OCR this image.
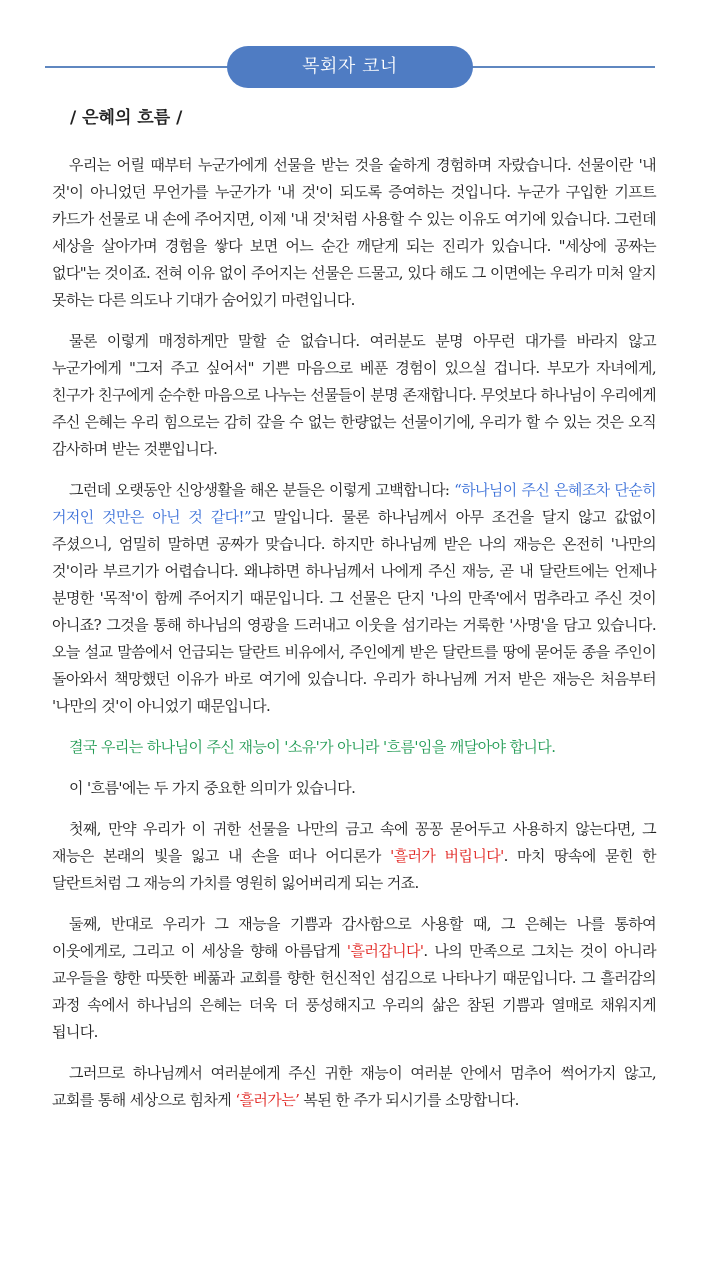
목회자 코너
/ 은혜의 흐름 /

우리는 어릴 때부터 누군가에게 선물을 받는 것을 숱하게 경험하며 자랐습니다. 선물이란 '내 것'이 아니었던 무언가를 누군가가 '내 것'이 되도록 증여하는 것입니다. 누군가 구입한 기프트 카드가 선물로 내 손에 주어지면, 이제 '내 것'처럼 사용할 수 있는 이유도 여기에 있습니다. 그런데 세상을 살아가며 경험을 쌓다 보면 어느 순간 깨닫게 되는 진리가 있습니다. "세상에 공짜는 없다"는 것이죠. 전혀 이유 없이 주어지는 선물은 드물고, 있다 해도 그 이면에는 우리가 미처 알지 못하는 다른 의도나 기대가 숨어있기 마련입니다.

물론 이렇게 매정하게만 말할 순 없습니다. 여러분도 분명 아무런 대가를 바라지 않고 누군가에게 "그저 주고 싶어서" 기쁜 마음으로 베푼 경험이 있으실 겁니다. 부모가 자녀에게, 친구가 친구에게 순수한 마음으로 나누는 선물들이 분명 존재합니다. 무엇보다 하나님이 우리에게 주신 은혜는 우리 힘으로는 감히 갚을 수 없는 한량없는 선물이기에, 우리가 할 수 있는 것은 오직 감사하며 받는 것뿐입니다.

그런데 오랫동안 신앙생활을 해온 분들은 이렇게 고백합니다: “하나님이 주신 은혜조차 단순히 거저인 것만은 아닌 것 같다!”고 말입니다. 물론 하나님께서 아무 조건을 달지 않고 값없이 주셨으니, 엄밀히 말하면 공짜가 맞습니다. 하지만 하나님께 받은 나의 재능은 온전히 '나만의 것'이라 부르기가 어렵습니다. 왜냐하면 하나님께서 나에게 주신 재능, 곧 내 달란트에는 언제나 분명한 '목적'이 함께 주어지기 때문입니다. 그 선물은 단지 '나의 만족'에서 멈추라고 주신 것이 아니죠? 그것을 통해 하나님의 영광을 드러내고 이웃을 섬기라는 거룩한 '사명'을 담고 있습니다. 오늘 설교 말씀에서 언급되는 달란트 비유에서, 주인에게 받은 달란트를 땅에 묻어둔 종을 주인이 돌아와서 책망했던 이유가 바로 여기에 있습니다. 우리가 하나님께 거저 받은 재능은 처음부터 '나만의 것'이 아니었기 때문입니다.

결국 우리는 하나님이 주신 재능이 '소유'가 아니라 '흐름'임을 깨달아야 합니다.

이 '흐름'에는 두 가지 중요한 의미가 있습니다.

첫째, 만약 우리가 이 귀한 선물을 나만의 금고 속에 꽁꽁 묻어두고 사용하지 않는다면, 그 재능은 본래의 빛을 잃고 내 손을 떠나 어디론가 '흘러가 버립니다'. 마치 땅속에 묻힌 한 달란트처럼 그 재능의 가치를 영원히 잃어버리게 되는 거죠.

둘째, 반대로 우리가 그 재능을 기쁨과 감사함으로 사용할 때, 그 은혜는 나를 통하여 이웃에게로, 그리고 이 세상을 향해 아름답게 '흘러갑니다'. 나의 만족으로 그치는 것이 아니라 교우들을 향한 따뜻한 베풂과 교회를 향한 헌신적인 섬김으로 나타나기 때문입니다. 그 흘러감의 과정 속에서 하나님의 은혜는 더욱 더 풍성해지고 우리의 삶은 참된 기쁨과 열매로 채워지게 됩니다.

그러므로 하나님께서 여러분에게 주신 귀한 재능이 여러분 안에서 멈추어 썩어가지 않고, 교회를 통해 세상으로 힘차게 ‘흘러가는’ 복된 한 주가 되시기를 소망합니다.
